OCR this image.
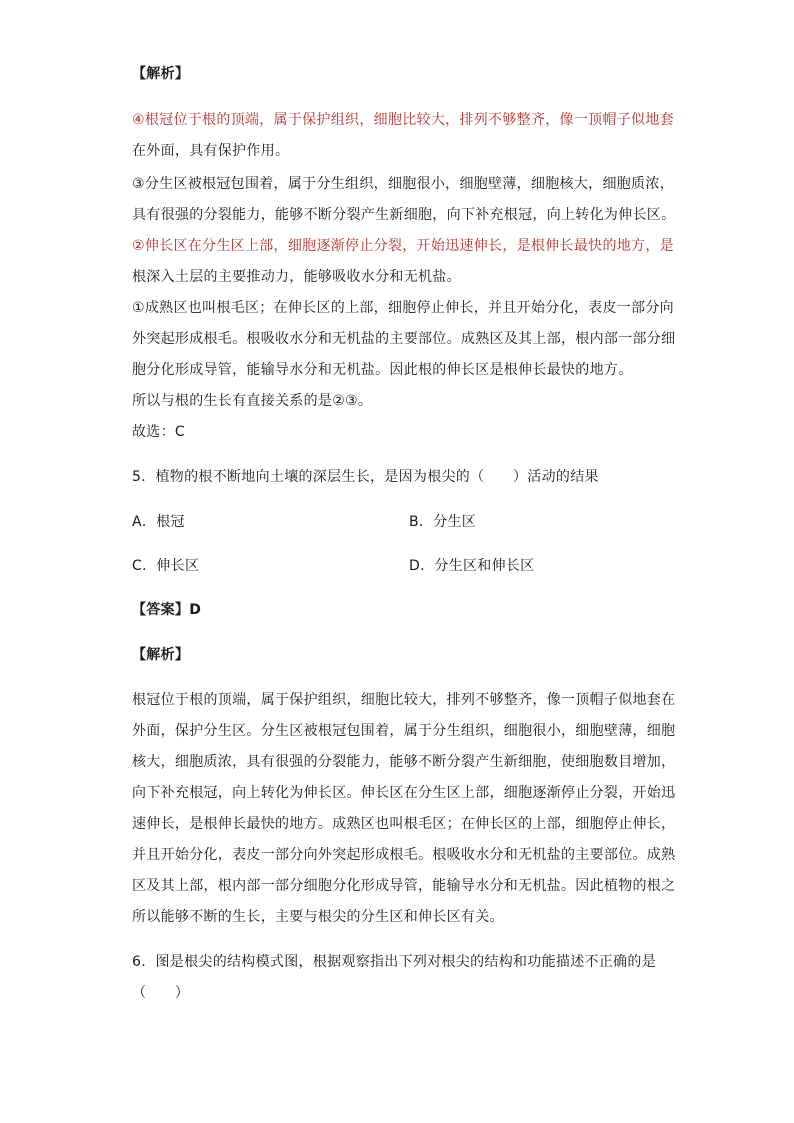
【解析】
④根冠位于根的顶端，属于保护组织，细胞比较大，排列不够整齐，像一顶帽子似地套
在外面，具有保护作用。
③分生区被根冠包围着，属于分生组织，细胞很小，细胞壁薄，细胞核大，细胞质浓，
具有很强的分裂能力，能够不断分裂产生新细胞，向下补充根冠，向上转化为伸长区。
②伸长区在分生区上部，细胞逐渐停止分裂，开始迅速伸长，是根伸长最快的地方，是
根深入土层的主要推动力，能够吸收水分和无机盐。
①成熟区也叫根毛区；在伸长区的上部，细胞停止伸长，并且开始分化，表皮一部分向
外突起形成根毛。根吸收水分和无机盐的主要部位。成熟区及其上部，根内部一部分细
胞分化形成导管，能输导水分和无机盐。因此根的伸长区是根伸长最快的地方。
所以与根的生长有直接关系的是②③。
故选：C
5．植物的根不断地向土壤的深层生长，是因为根尖的（　　）活动的结果
A．根冠	B．分生区
C．伸长区	D．分生区和伸长区
【答案】D
【解析】
根冠位于根的顶端，属于保护组织，细胞比较大，排列不够整齐，像一顶帽子似地套在
外面，保护分生区。分生区被根冠包围着，属于分生组织，细胞很小，细胞壁薄，细胞
核大，细胞质浓，具有很强的分裂能力，能够不断分裂产生新细胞，使细胞数目增加，
向下补充根冠，向上转化为伸长区。伸长区在分生区上部，细胞逐渐停止分裂，开始迅
速伸长，是根伸长最快的地方。成熟区也叫根毛区；在伸长区的上部，细胞停止伸长，
并且开始分化，表皮一部分向外突起形成根毛。根吸收水分和无机盐的主要部位。成熟
区及其上部，根内部一部分细胞分化形成导管，能输导水分和无机盐。因此植物的根之
所以能够不断的生长，主要与根尖的分生区和伸长区有关。
6．图是根尖的结构模式图，根据观察指出下列对根尖的结构和功能描述不正确的是
（　　）
